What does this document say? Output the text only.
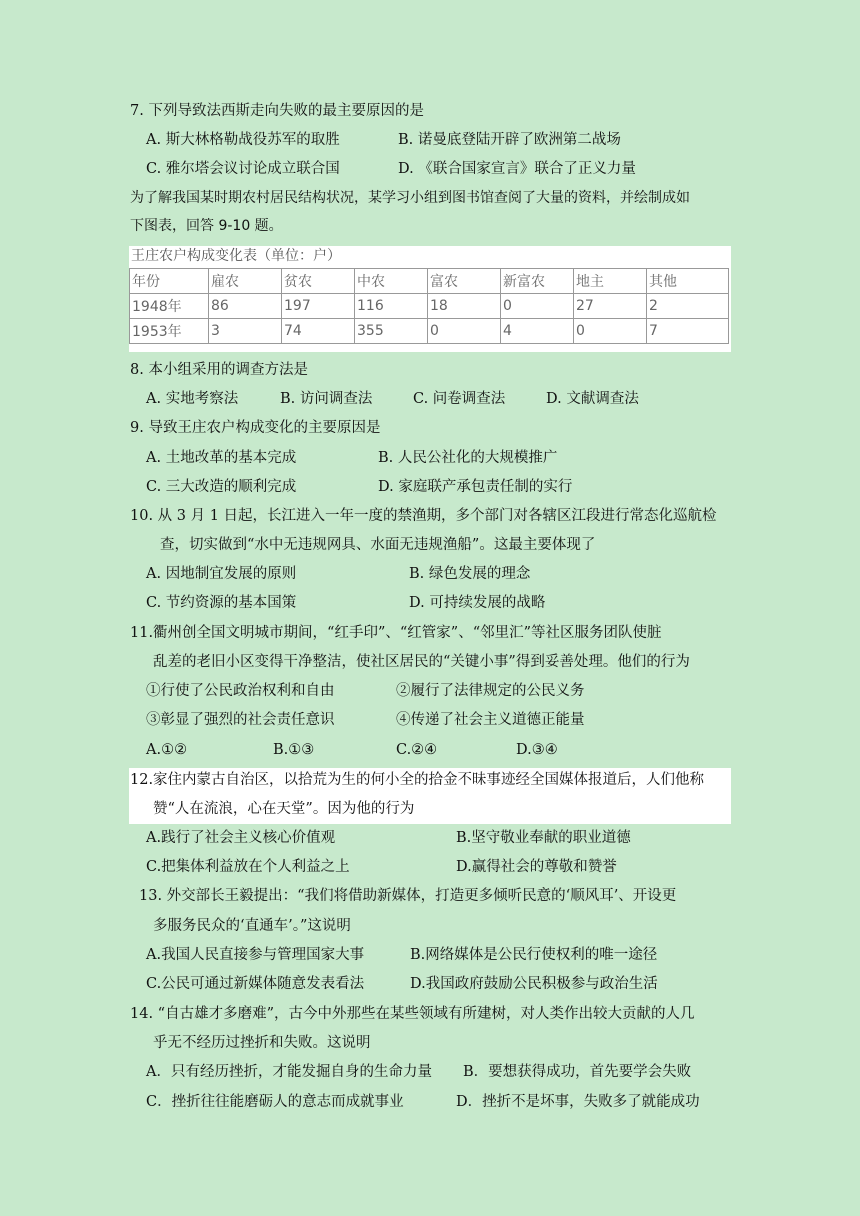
7. 下列导致法西斯走向失败的最主要原因的是
A. 斯大林格勒战役苏军的取胜	B. 诺曼底登陆开辟了欧洲第二战场
C. 雅尔塔会议讨论成立联合国	D. 《联合国家宣言》联合了正义力量
为了解我国某时期农村居民结构状况，某学习小组到图书馆查阅了大量的资料，并绘制成如
下图表，回答 9-10 题。
王庄农户构成变化表（单位：户）
年份	雇农	贫农	中农	富农	新富农	地主	其他
1948年	86	197	116	18	0	27	2
1953年	3	74	355	0	4	0	7
8. 本小组采用的调查方法是
A. 实地考察法	B. 访问调查法	C. 问卷调查法	D. 文献调查法
9. 导致王庄农户构成变化的主要原因是
A. 土地改革的基本完成	B. 人民公社化的大规模推广
C. 三大改造的顺利完成	D. 家庭联产承包责任制的实行
10. 从 3 月 1 日起，长江进入一年一度的禁渔期，多个部门对各辖区江段进行常态化巡航检
查，切实做到“水中无违规网具、水面无违规渔船”。这最主要体现了
A. 因地制宜发展的原则	B. 绿色发展的理念
C. 节约资源的基本国策	D. 可持续发展的战略
11.衢州创全国文明城市期间，“红手印”、“红管家”、“邻里汇”等社区服务团队使脏
乱差的老旧小区变得干净整洁，使社区居民的“关键小事”得到妥善处理。他们的行为
①行使了公民政治权利和自由	②履行了法律规定的公民义务
③彰显了强烈的社会责任意识	④传递了社会主义道德正能量
A.①②	B.①③	C.②④	D.③④
12.家住内蒙古自治区，以拾荒为生的何小全的拾金不昧事迹经全国媒体报道后，人们他称
赞“人在流浪，心在天堂”。因为他的行为
A.践行了社会主义核心价值观	B.坚守敬业奉献的职业道德
C.把集体利益放在个人利益之上	D.赢得社会的尊敬和赞誉
13. 外交部长王毅提出：“我们将借助新媒体，打造更多倾听民意的‘顺风耳’、开设更
多服务民众的‘直通车’。”这说明
A.我国人民直接参与管理国家大事	B.网络媒体是公民行使权利的唯一途径
C.公民可通过新媒体随意发表看法	D.我国政府鼓励公民积极参与政治生活
14. “自古雄才多磨难”，古今中外那些在某些领域有所建树，对人类作出较大贡献的人几
乎无不经历过挫折和失败。这说明
A．只有经历挫折，才能发掘自身的生命力量 B．要想获得成功，首先要学会失败
C．挫折往往能磨砺人的意志而成就事业	D．挫折不是坏事，失败多了就能成功
